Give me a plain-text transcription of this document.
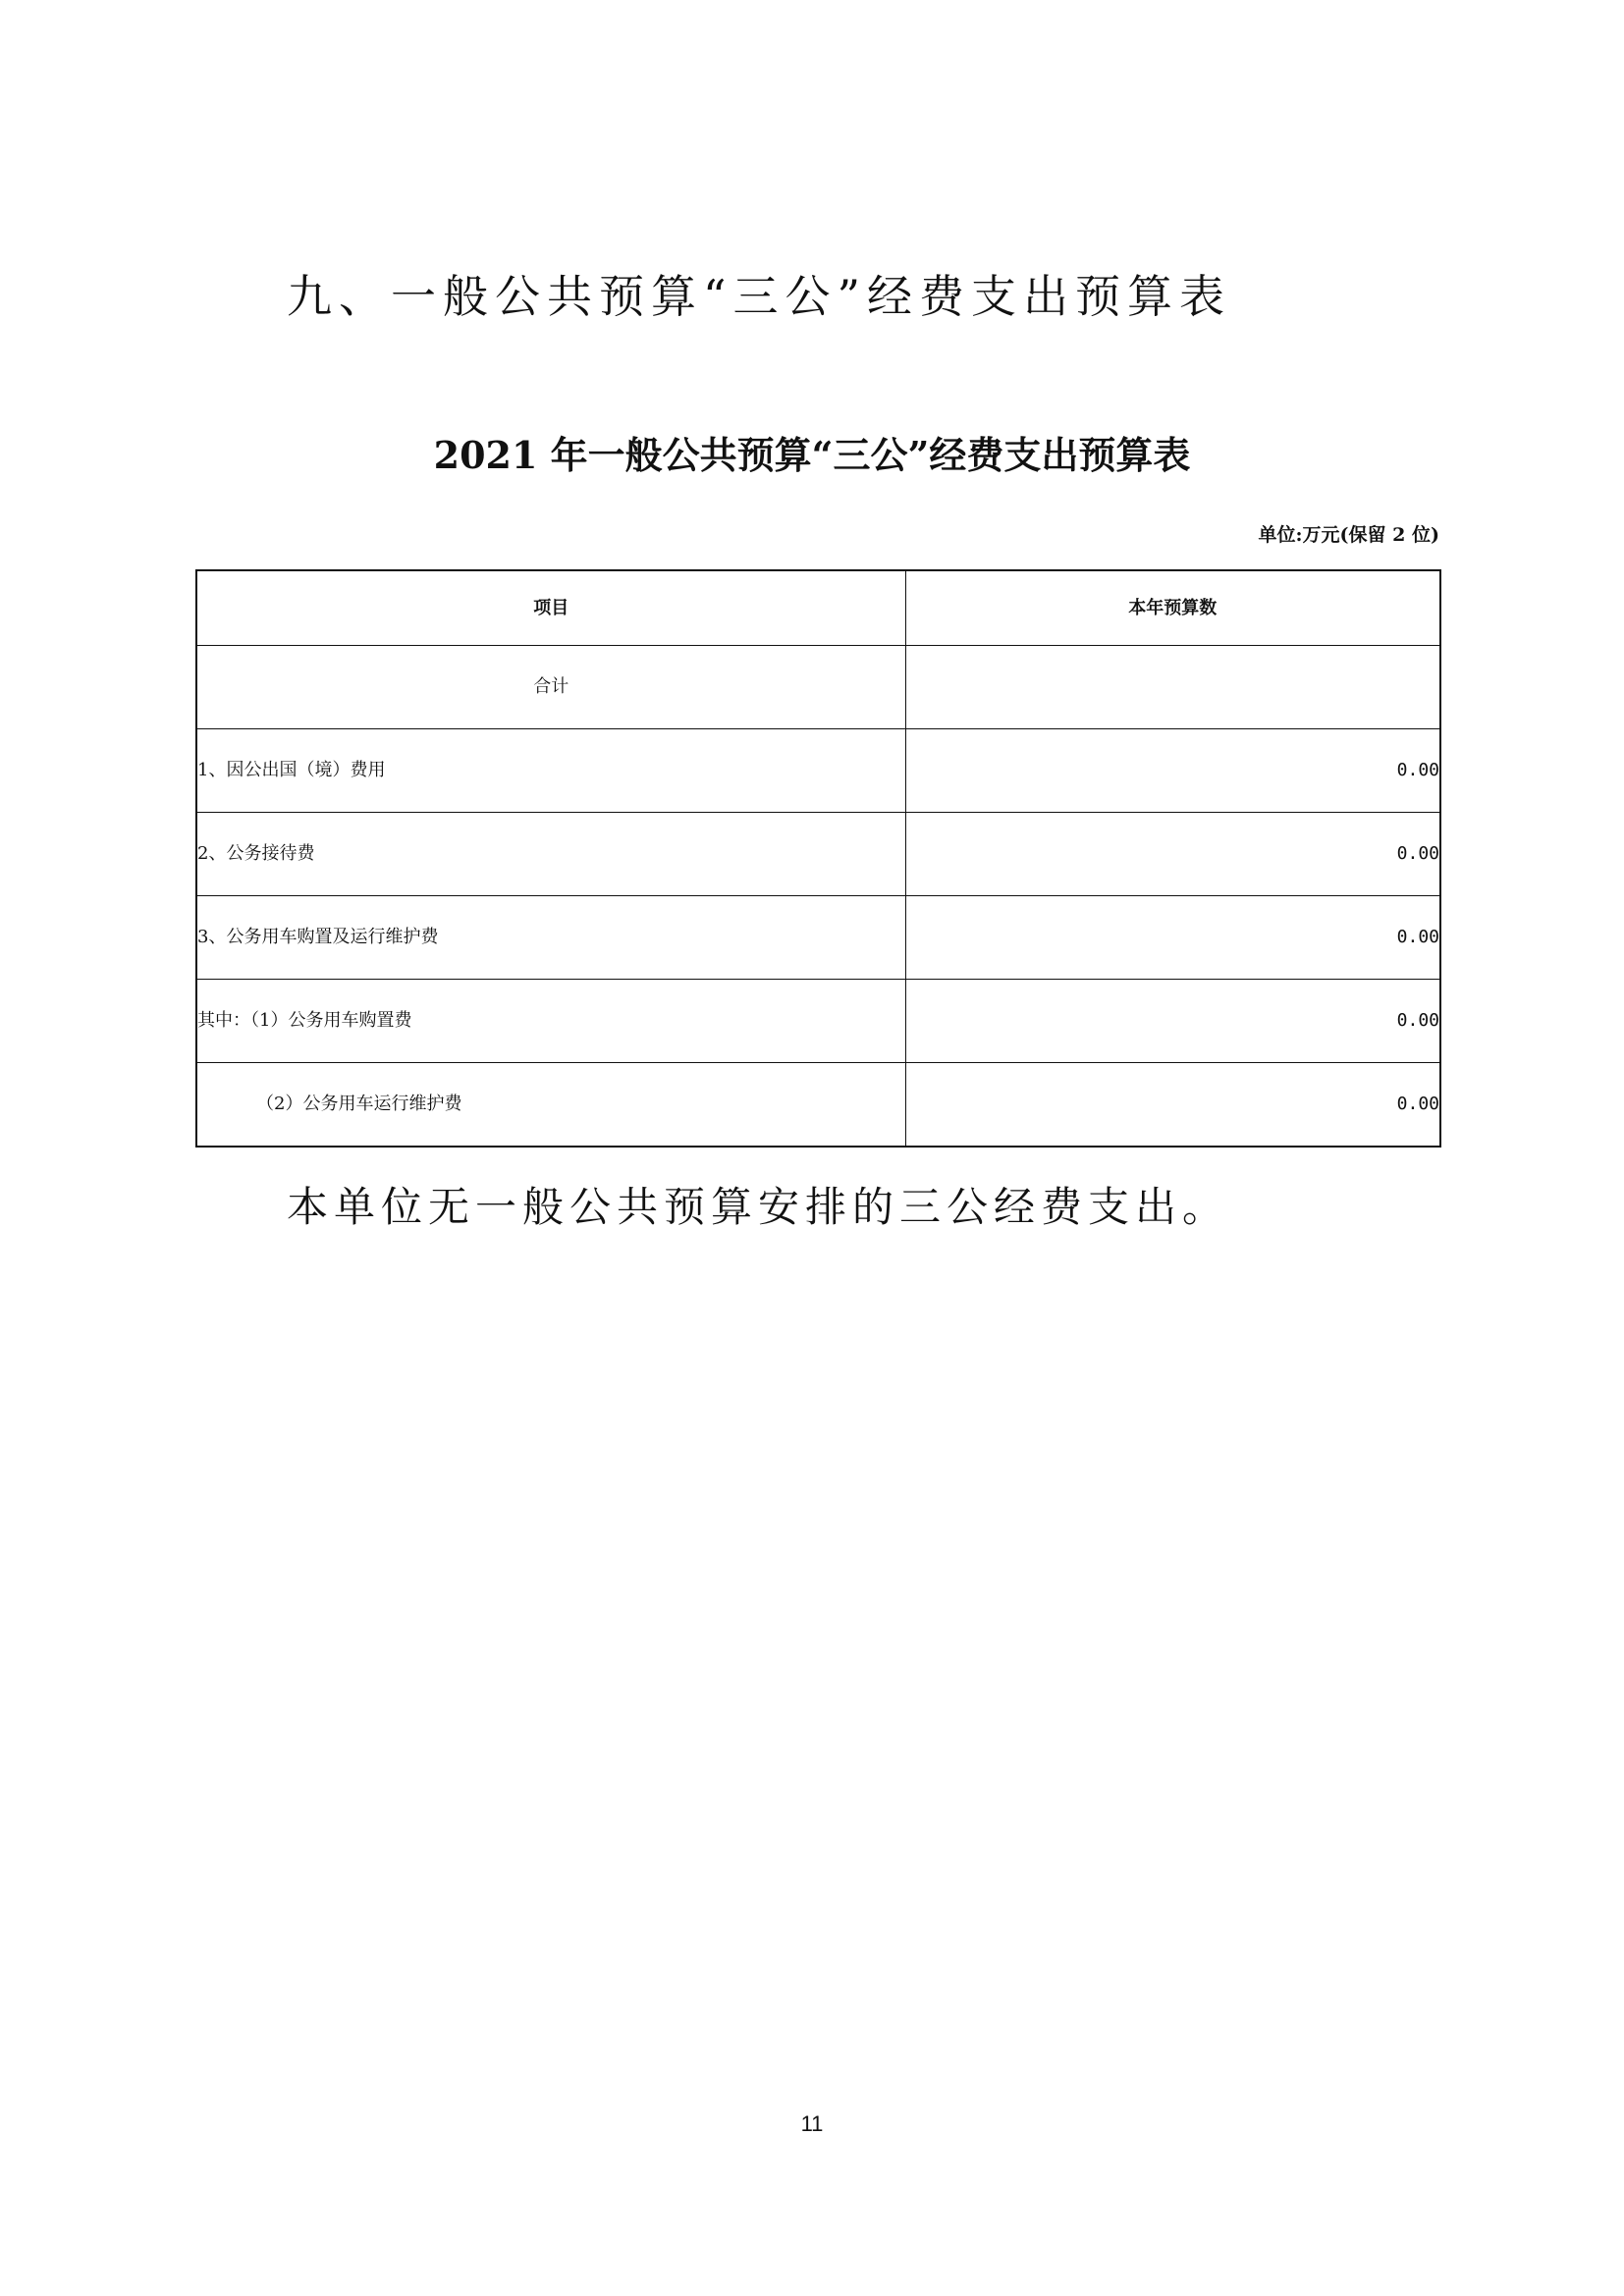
九、一般公共预算“三公”经费支出预算表
2021 年一般公共预算“三公”经费支出预算表
单位:万元(保留 2 位)
项目	本年预算数
合计	
1、因公出国（境）费用	0.00
2、公务接待费	0.00
3、公务用车购置及运行维护费	0.00
其中：（1）公务用车购置费	0.00
（2）公务用车运行维护费	0.00
本单位无一般公共预算安排的三公经费支出。
11
